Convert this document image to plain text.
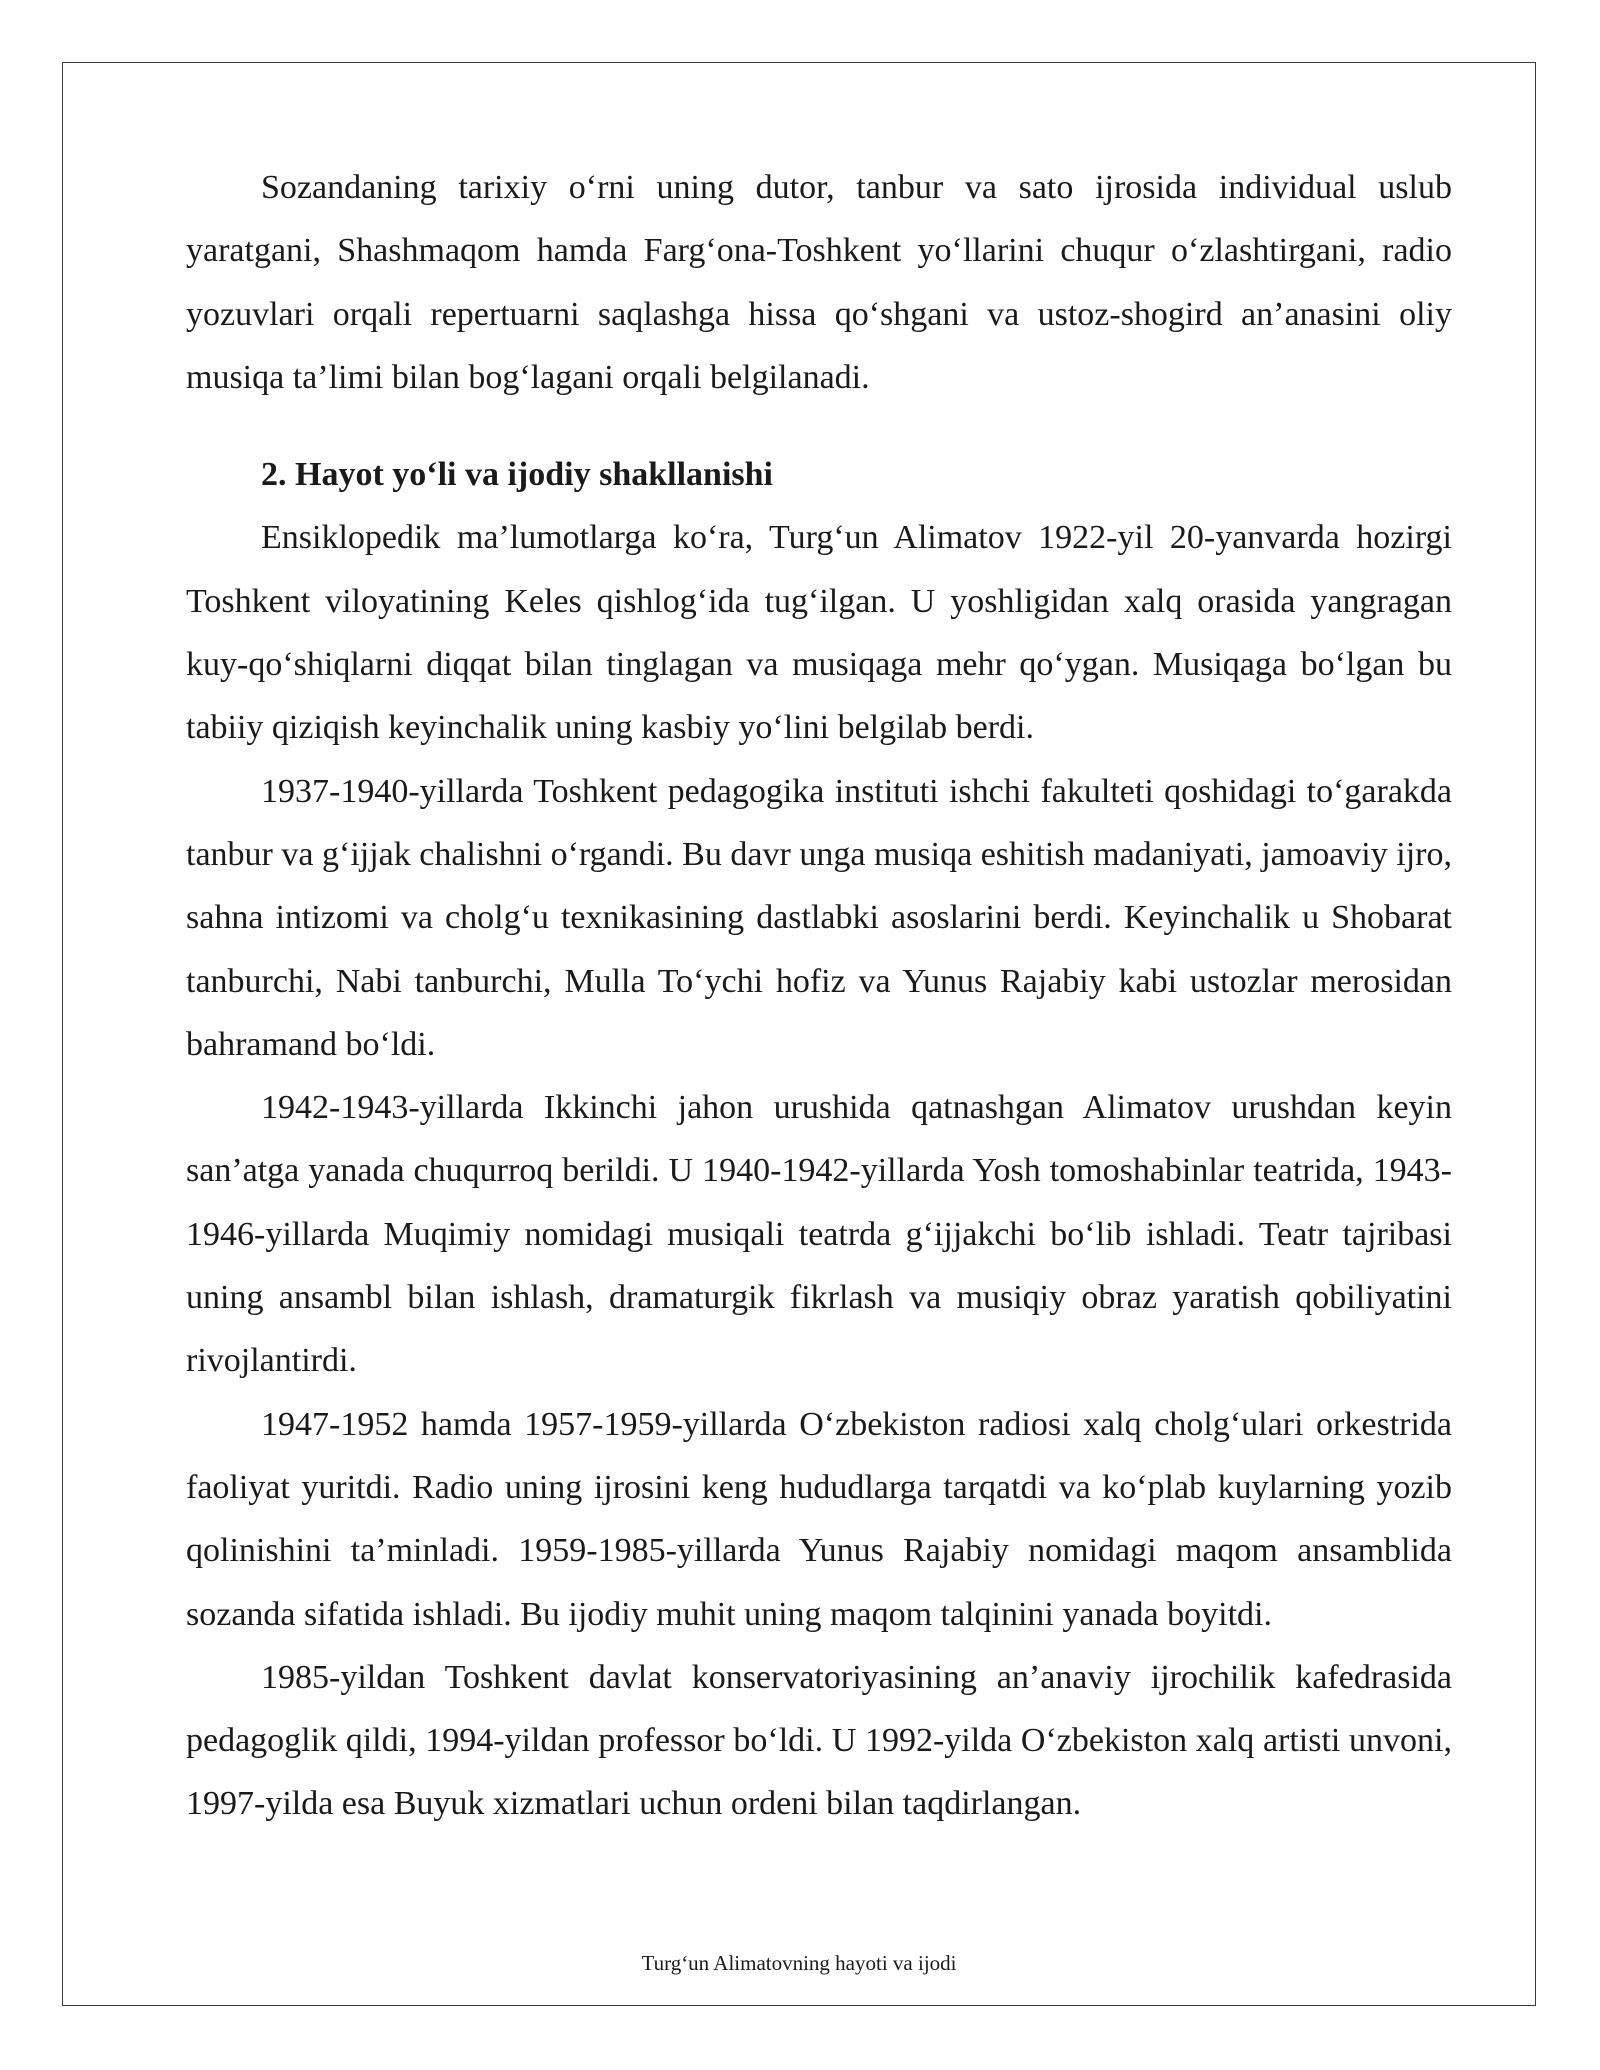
Sozandaning tarixiy o‘rni uning dutor, tanbur va sato ijrosida individual uslub yaratgani, Shashmaqom hamda Farg‘ona-Toshkent yo‘llarini chuqur o‘zlashtirgani, radio yozuvlari orqali repertuarni saqlashga hissa qo‘shgani va ustoz-shogird an’anasini oliy musiqa ta’limi bilan bog‘lagani orqali belgilanadi.

2. Hayot yo‘li va ijodiy shakllanishi

Ensiklopedik ma’lumotlarga ko‘ra, Turg‘un Alimatov 1922-yil 20-yanvarda hozirgi Toshkent viloyatining Keles qishlog‘ida tug‘ilgan. U yoshligidan xalq orasida yangragan kuy-qo‘shiqlarni diqqat bilan tinglagan va musiqaga mehr qo‘ygan. Musiqaga bo‘lgan bu tabiiy qiziqish keyinchalik uning kasbiy yo‘lini belgilab berdi.

1937-1940-yillarda Toshkent pedagogika instituti ishchi fakulteti qoshidagi to‘garakda tanbur va g‘ijjak chalishni o‘rgandi. Bu davr unga musiqa eshitish madaniyati, jamoaviy ijro, sahna intizomi va cholg‘u texnikasining dastlabki asoslarini berdi. Keyinchalik u Shobarat tanburchi, Nabi tanburchi, Mulla To‘ychi hofiz va Yunus Rajabiy kabi ustozlar merosidan bahramand bo‘ldi.

1942-1943-yillarda Ikkinchi jahon urushida qatnashgan Alimatov urushdan keyin san’atga yanada chuqurroq berildi. U 1940-1942-yillarda Yosh tomoshabinlar teatrida, 1943-1946-yillarda Muqimiy nomidagi musiqali teatrda g‘ijjakchi bo‘lib ishladi. Teatr tajribasi uning ansambl bilan ishlash, dramaturgik fikrlash va musiqiy obraz yaratish qobiliyatini rivojlantirdi.

1947-1952 hamda 1957-1959-yillarda O‘zbekiston radiosi xalq cholg‘ulari orkestrida faoliyat yuritdi. Radio uning ijrosini keng hududlarga tarqatdi va ko‘plab kuylarning yozib qolinishini ta’minladi. 1959-1985-yillarda Yunus Rajabiy nomidagi maqom ansamblida sozanda sifatida ishladi. Bu ijodiy muhit uning maqom talqinini yanada boyitdi.

1985-yildan Toshkent davlat konservatoriyasining an’anaviy ijrochilik kafedrasida pedagoglik qildi, 1994-yildan professor bo‘ldi. U 1992-yilda O‘zbekiston xalq artisti unvoni, 1997-yilda esa Buyuk xizmatlari uchun ordeni bilan taqdirlangan.

Turg‘un Alimatovning hayoti va ijodi
